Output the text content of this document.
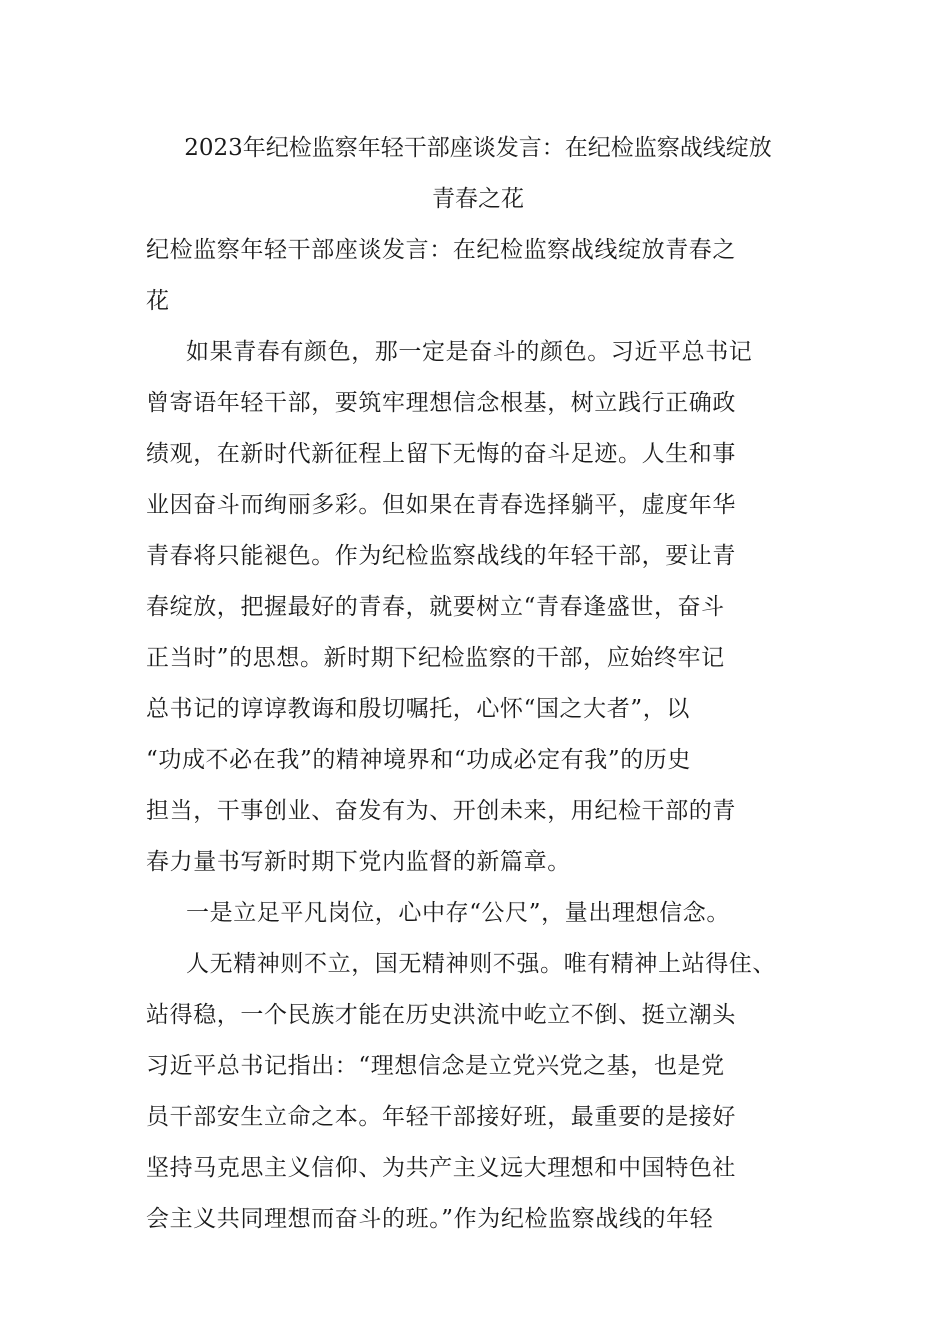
2023年纪检监察年轻干部座谈发言：在纪检监察战线绽放
青春之花
纪检监察年轻干部座谈发言：在纪检监察战线绽放青春之
花
如果青春有颜色，那一定是奋斗的颜色。习近平总书记
曾寄语年轻干部，要筑牢理想信念根基，树立践行正确政
绩观，在新时代新征程上留下无悔的奋斗足迹。人生和事
业因奋斗而绚丽多彩。但如果在青春选择躺平，虚度年华
青春将只能褪色。作为纪检监察战线的年轻干部，要让青
春绽放，把握最好的青春，就要树立“青春逢盛世，奋斗
正当时”的思想。新时期下纪检监察的干部，应始终牢记
总书记的谆谆教诲和殷切嘱托，心怀“国之大者”，以
“功成不必在我”的精神境界和“功成必定有我”的历史
担当，干事创业、奋发有为、开创未来，用纪检干部的青
春力量书写新时期下党内监督的新篇章。
一是立足平凡岗位，心中存“公尺”，量出理想信念。
人无精神则不立，国无精神则不强。唯有精神上站得住、
站得稳，一个民族才能在历史洪流中屹立不倒、挺立潮头
习近平总书记指出：“理想信念是立党兴党之基，也是党
员干部安生立命之本。年轻干部接好班，最重要的是接好
坚持马克思主义信仰、为共产主义远大理想和中国特色社
会主义共同理想而奋斗的班。”作为纪检监察战线的年轻
